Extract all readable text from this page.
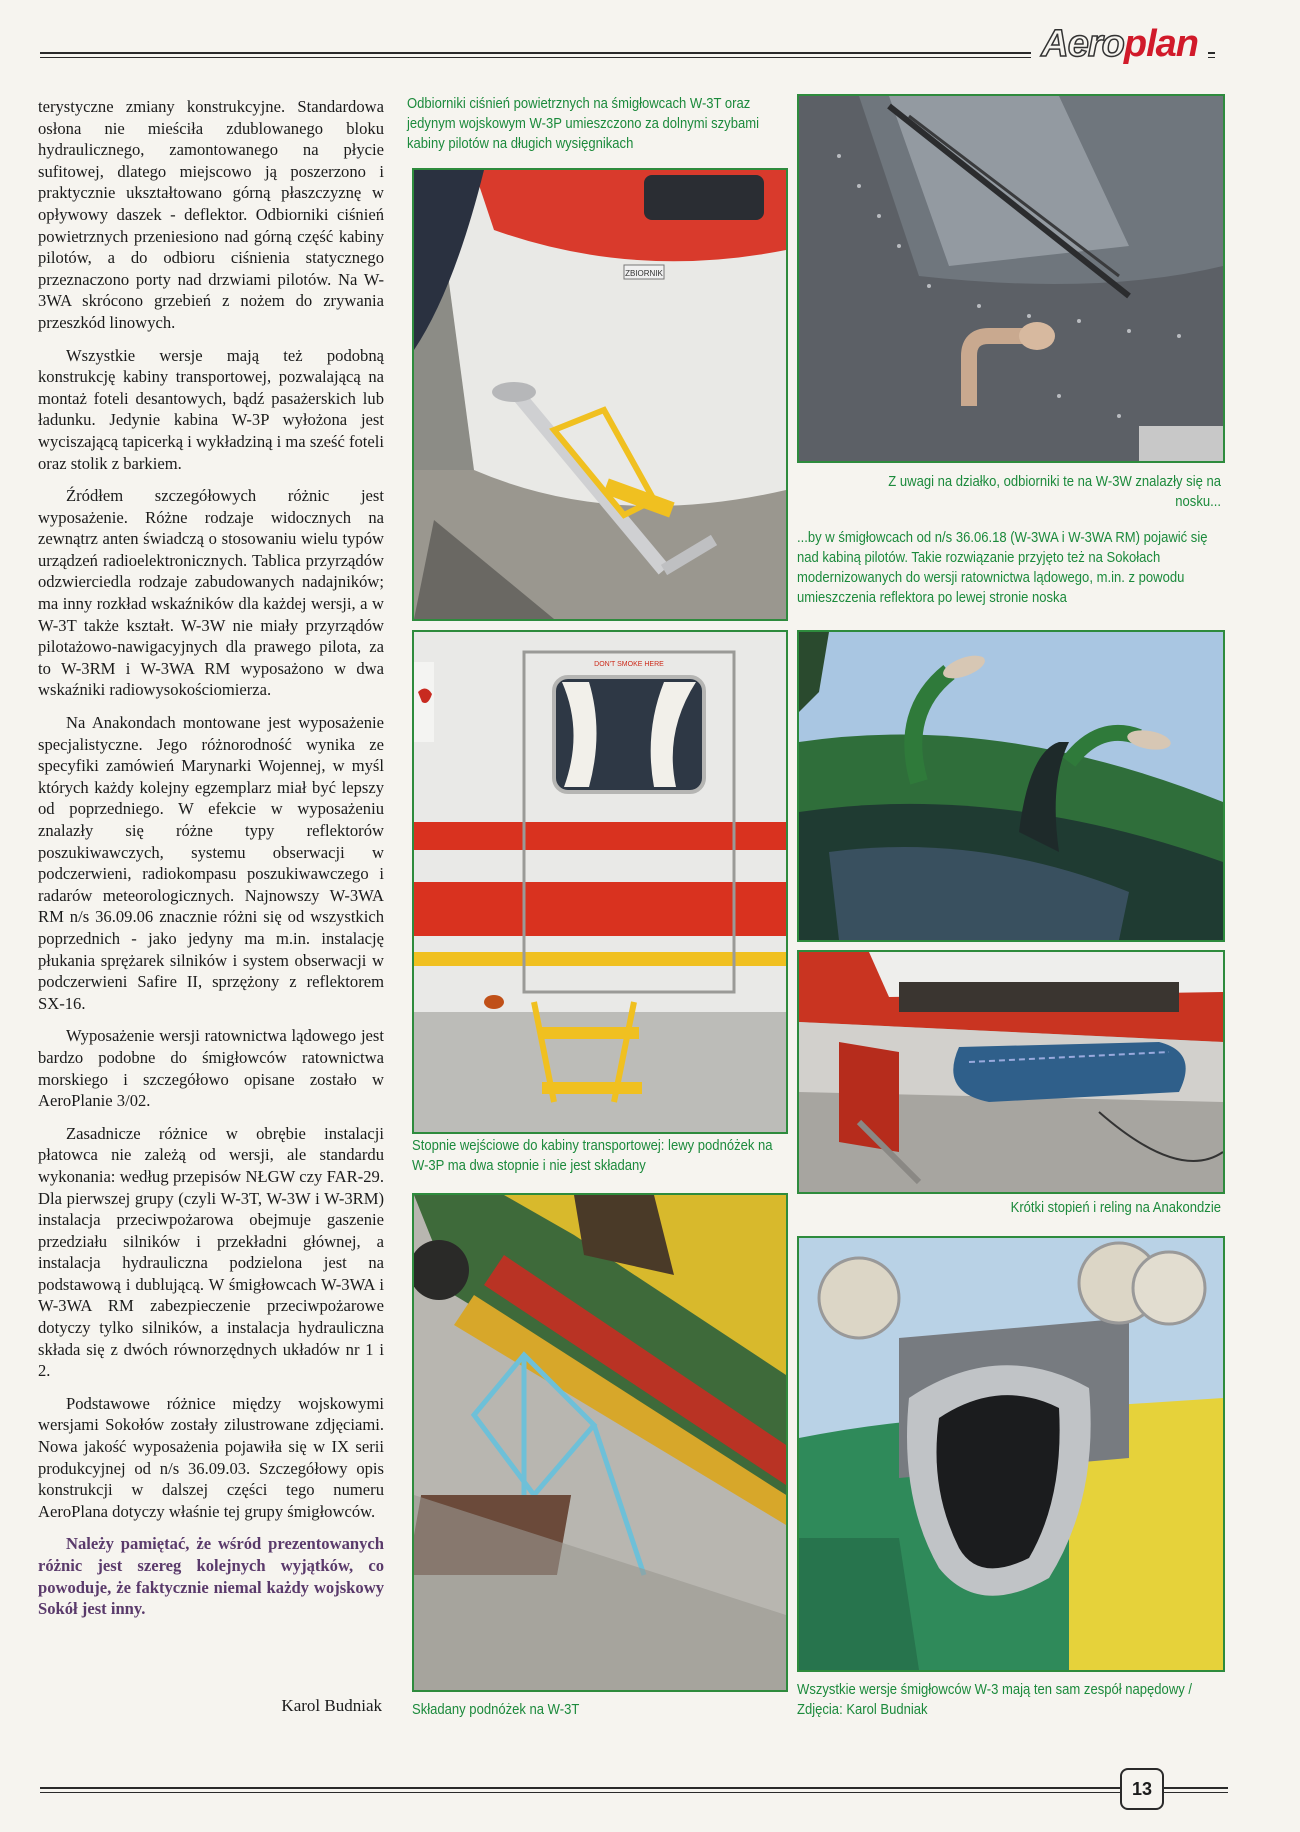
Aero plan

terystyczne zmiany konstrukcyjne. Standardowa osłona nie mieściła zdublowanego bloku hydraulicznego, zamontowanego na płycie sufitowej, dlatego miejscowo ją poszerzono i praktycznie ukształtowano górną płaszczyznę w opływowy daszek - deflektor. Odbiorniki ciśnień powietrznych przeniesiono nad górną część kabiny pilotów, a do odbioru ciśnienia statycznego przeznaczono porty nad drzwiami pilotów. Na W-3WA skrócono grzebień z nożem do zrywania przeszkód linowych.

Wszystkie wersje mają też podobną konstrukcję kabiny transportowej, pozwalającą na montaż foteli desantowych, bądź pasażerskich lub ładunku. Jedynie kabina W-3P wyłożona jest wyciszającą tapicerką i wykładziną i ma sześć foteli oraz stolik z barkiem.

Źródłem szczegółowych różnic jest wyposażenie. Różne rodzaje widocznych na zewnątrz anten świadczą o stosowaniu wielu typów urządzeń radioelektronicznych. Tablica przyrządów odzwierciedla rodzaje zabudowanych nadajników; ma inny rozkład wskaźników dla każdej wersji, a w W-3T także kształt. W-3W nie miały przyrządów pilotażowo-nawigacyjnych dla prawego pilota, za to W-3RM i W-3WA RM wyposażono w dwa wskaźniki radiowysokościomierza.

Na Anakondach montowane jest wyposażenie specjalistyczne. Jego różnorodność wynika ze specyfiki zamówień Marynarki Wojennej, w myśl których każdy kolejny egzemplarz miał być lepszy od poprzedniego. W efekcie w wyposażeniu znalazły się różne typy reflektorów poszukiwawczych, systemu obserwacji w podczerwieni, radiokompasu poszukiwawczego i radarów meteorologicznych. Najnowszy W-3WA RM n/s 36.09.06 znacznie różni się od wszystkich poprzednich - jako jedyny ma m.in. instalację płukania sprężarek silników i system obserwacji w podczerwieni Safire II, sprzężony z reflektorem SX-16.

Wyposażenie wersji ratownictwa lądowego jest bardzo podobne do śmigłowców ratownictwa morskiego i szczegółowo opisane zostało w AeroPlanie 3/02.

Zasadnicze różnice w obrębie instalacji płatowca nie zależą od wersji, ale standardu wykonania: według przepisów NŁGW czy FAR-29. Dla pierwszej grupy (czyli W-3T, W-3W i W-3RM) instalacja przeciwpożarowa obejmuje gaszenie przedziału silników i przekładni głównej, a instalacja hydrauliczna podzielona jest na podstawową i dublującą. W śmigłowcach W-3WA i W-3WA RM zabezpieczenie przeciwpożarowe dotyczy tylko silników, a instalacja hydrauliczna składa się z dwóch równorzędnych układów nr 1 i 2.

Podstawowe różnice między wojskowymi wersjami Sokołów zostały zilustrowane zdjęciami. Nowa jakość wyposażenia pojawiła się w IX serii produkcyjnej od n/s 36.09.03. Szczegółowy opis konstrukcji w dalszej części tego numeru AeroPlana dotyczy właśnie tej grupy śmigłowców.

Należy pamiętać, że wśród prezentowanych różnic jest szereg kolejnych wyjątków, co powoduje, że faktycznie niemal każdy wojskowy Sokół jest inny.

Karol Budniak
Odbiorniki ciśnień powietrznych na śmigłowcach W-3T oraz jedynym wojskowym W-3P umieszczono za dolnymi szybami kabiny pilotów na długich wysięgnikach
ZBIORNIK
Z uwagi na działko, odbiorniki te na W-3W znalazły się na nosku...
...by w śmigłowcach od n/s 36.06.18 (W-3WA i W-3WA RM) pojawić się nad kabiną pilotów. Takie rozwiązanie przyjęto też na Sokołach modernizowanych do wersji ratownictwa lądowego, m.in. z powodu umieszczenia reflektora po lewej stronie noska
DON'T SMOKE HERE
Stopnie wejściowe do kabiny transportowej: lewy podnóżek na W-3P ma dwa stopnie i nie jest składany
Krótki stopień i reling na Anakondzie
Składany podnóżek na W-3T
Wszystkie wersje śmigłowców W-3 mają ten sam zespół napędowy / Zdjęcia: Karol Budniak
13
